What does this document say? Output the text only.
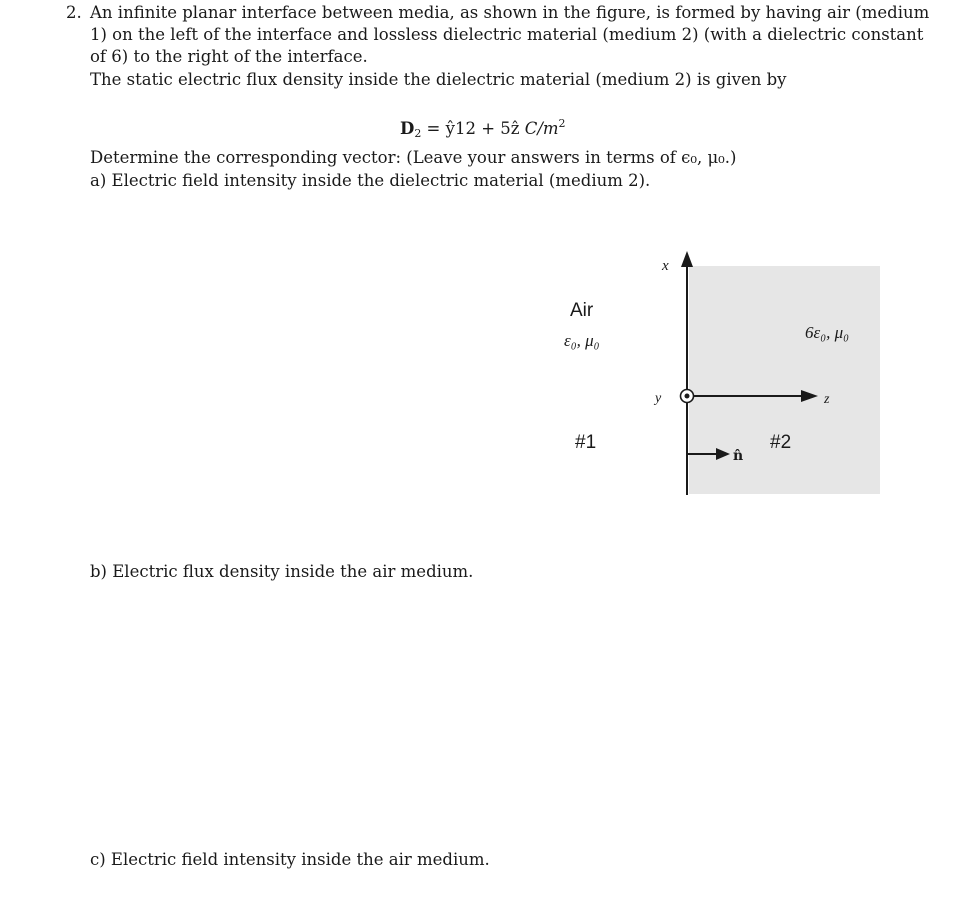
2. An infinite planar interface between media, as shown in the figure, is formed by having air (medium
1) on the left of the interface and lossless dielectric material (medium 2) (with a dielectric constant
of 6) to the right of the interface.
The static electric flux density inside the dielectric material (medium 2) is given by
$D_2$ = ŷ12 + 5ẑ $C/m^2$
Determine the corresponding vector: (Leave your answers in terms of ϵ₀, μ₀.)
a) Electric field intensity inside the dielectric material (medium 2).
b) Electric flux density inside the air medium.
c) Electric field intensity inside the air medium.
x
z
y
n̂
Air
ε₀, μ₀
#1
6ε₀, μ₀
#2
